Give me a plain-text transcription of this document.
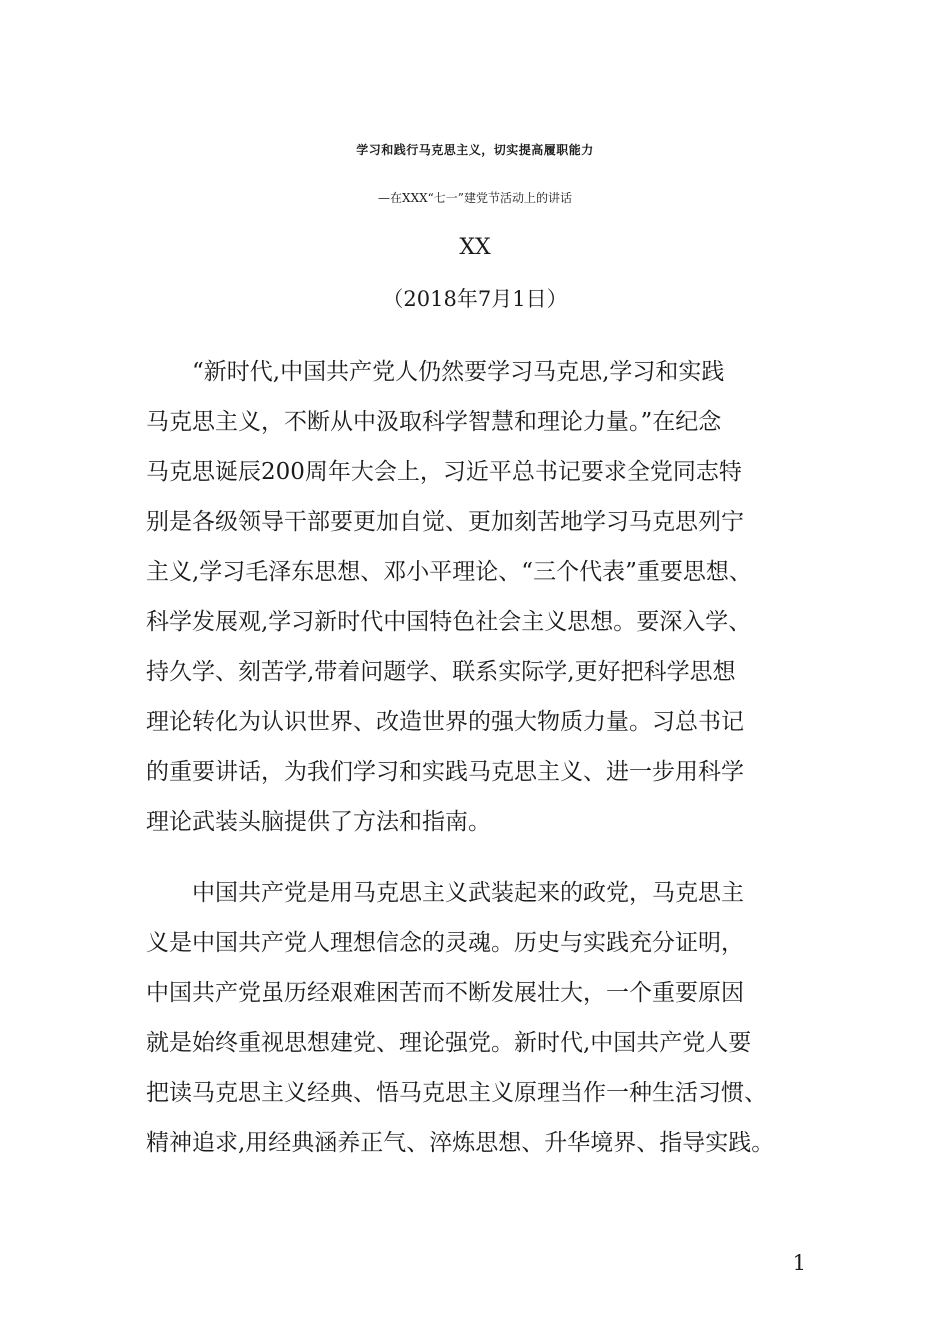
学习和践行马克思主义，切实提高履职能力
—在XXX“七一”建党节活动上的讲话
XX
（2018年7月1日）
“新时代,中国共产党人仍然要学习马克思,学习和实践
马克思主义，不断从中汲取科学智慧和理论力量。”在纪念
马克思诞辰200周年大会上，习近平总书记要求全党同志特
别是各级领导干部要更加自觉、更加刻苦地学习马克思列宁
主义,学习毛泽东思想、邓小平理论、“三个代表”重要思想、
科学发展观,学习新时代中国特色社会主义思想。要深入学、
持久学、刻苦学,带着问题学、联系实际学,更好把科学思想
理论转化为认识世界、改造世界的强大物质力量。习总书记
的重要讲话，为我们学习和实践马克思主义、进一步用科学
理论武装头脑提供了方法和指南。
中国共产党是用马克思主义武装起来的政党，马克思主
义是中国共产党人理想信念的灵魂。历史与实践充分证明，
中国共产党虽历经艰难困苦而不断发展壮大，一个重要原因
就是始终重视思想建党、理论强党。新时代,中国共产党人要
把读马克思主义经典、悟马克思主义原理当作一种生活习惯、
精神追求,用经典涵养正气、淬炼思想、升华境界、指导实践。
1
